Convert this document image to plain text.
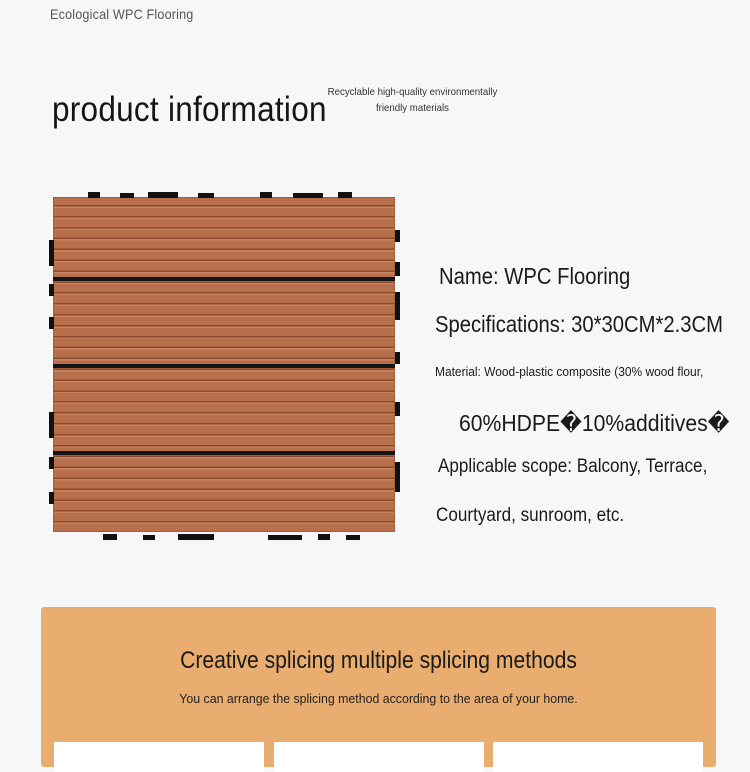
Ecological WPC Flooring
product information Recyclable high-quality environmentally friendly materials
Name: WPC Flooring
Specifications: 30*30CM*2.3CM
Material: Wood-plastic composite (30% wood flour,
60%HDPE�10%additives�
Applicable scope: Balcony, Terrace,
Courtyard, sunroom, etc.
Creative splicing multiple splicing methods
You can arrange the splicing method according to the area of your home.
